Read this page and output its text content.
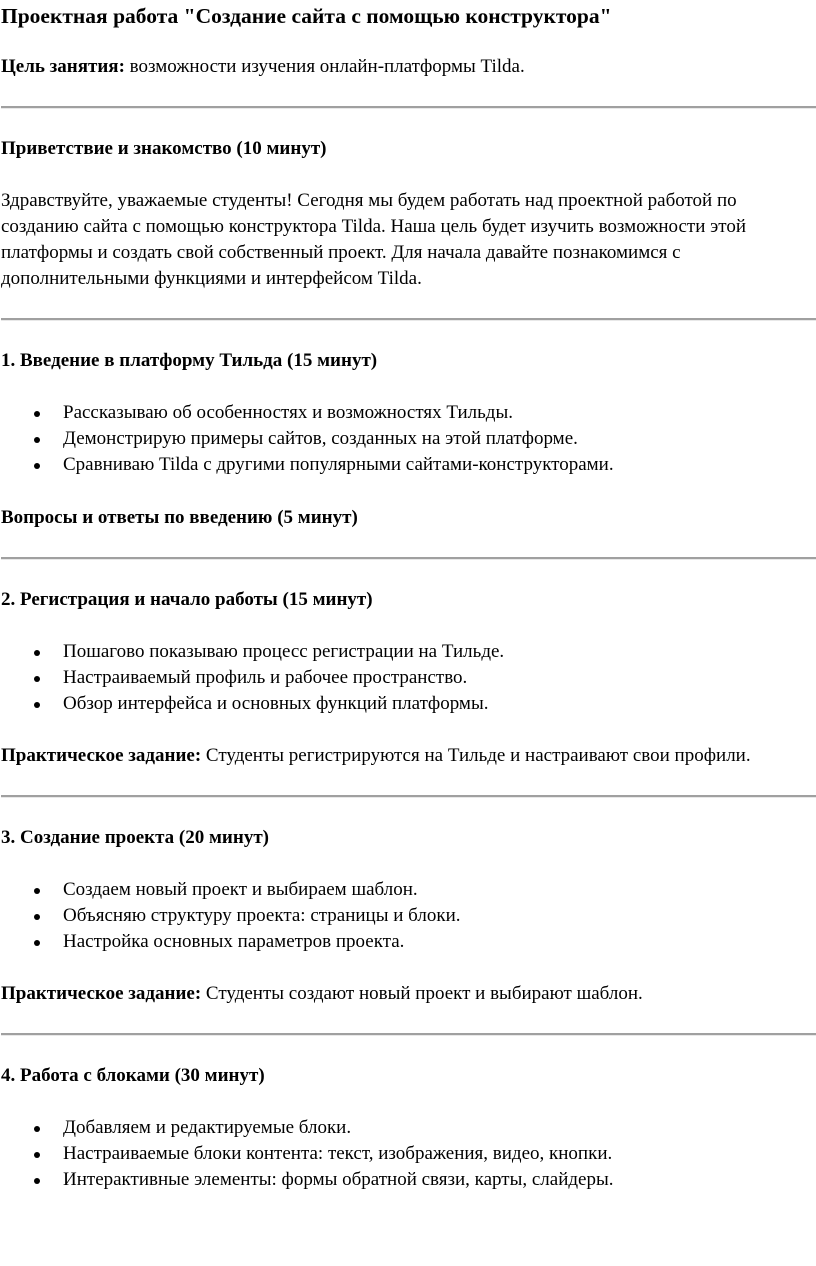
Проектная работа "Создание сайта с помощью конструктора"

Цель занятия: возможности изучения онлайн-платформы Tilda.

Приветствие и знакомство (10 минут)

Здравствуйте, уважаемые студенты! Сегодня мы будем работать над проектной работой по созданию сайта с помощью конструктора Tilda. Наша цель будет изучить возможности этой платформы и создать свой собственный проект. Для начала давайте познакомимся с дополнительными функциями и интерфейсом Tilda.

1. Введение в платформу Тильда (15 минут)

Рассказываю об особенностях и возможностях Тильды.
Демонстрирую примеры сайтов, созданных на этой платформе.
Сравниваю Tilda с другими популярными сайтами-конструкторами.

Вопросы и ответы по введению (5 минут)

2. Регистрация и начало работы (15 минут)

Пошагово показываю процесс регистрации на Тильде.
Настраиваемый профиль и рабочее пространство.
Обзор интерфейса и основных функций платформы.

Практическое задание: Студенты регистрируются на Тильде и настраивают свои профили.

3. Создание проекта (20 минут)

Создаем новый проект и выбираем шаблон.
Объясняю структуру проекта: страницы и блоки.
Настройка основных параметров проекта.

Практическое задание: Студенты создают новый проект и выбирают шаблон.

4. Работа с блоками (30 минут)

Добавляем и редактируемые блоки.
Настраиваемые блоки контента: текст, изображения, видео, кнопки.
Интерактивные элементы: формы обратной связи, карты, слайдеры.
